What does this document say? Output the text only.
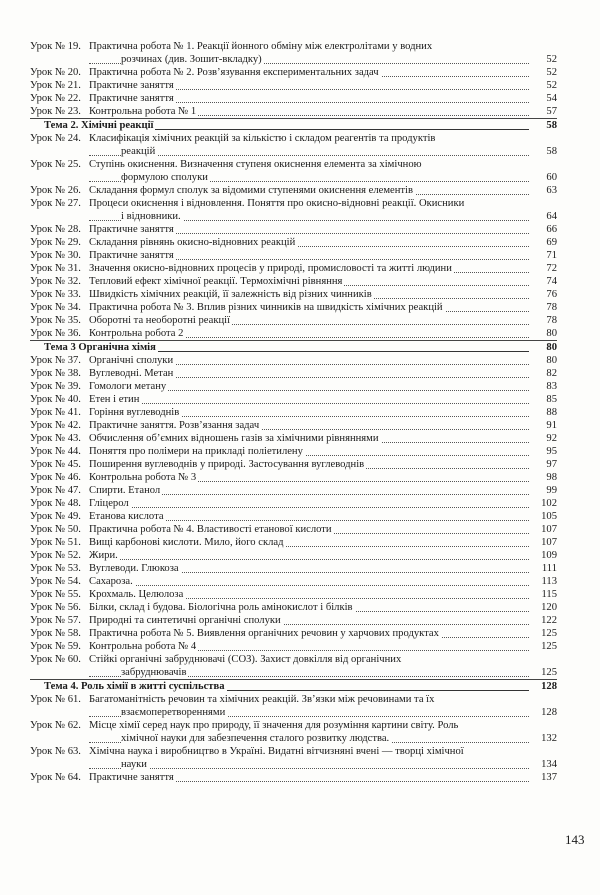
Урок № 19. Практична робота № 1. Реакції йонного обміну між електролітами у водних
розчинах (див. Зошит-вкладку)	52
Урок № 20. Практична робота № 2. Розв’язування експериментальних задач	52
Урок № 21. Практичне заняття	52
Урок № 22. Практичне заняття	54
Урок № 23. Контрольна робота № 1	57
Тема 2. Хімічні реакції	58
Урок № 24. Класифікація хімічних реакцій за кількістю і складом реагентів та продуктів
реакцій	58
Урок № 25. Ступінь окиснення. Визначення ступеня окиснення елемента за хімічною
формулою сполуки	60
Урок № 26. Складання формул сполук за відомими ступенями окиснення елементів	63
Урок № 27. Процеси окиснення і відновлення. Поняття про окисно-відновні реакції. Окисники
і відновники.	64
Урок № 28. Практичне заняття	66
Урок № 29. Складання рівнянь окисно-відновних реакцій	69
Урок № 30. Практичне заняття	71
Урок № 31. Значення окисно-відновних процесів у природі, промисловості та житті людини	72
Урок № 32. Тепловий ефект хімічної реакції. Термохімічні рівняння	74
Урок № 33. Швидкість хімічних реакцій, її залежність від різних чинників	76
Урок № 34. Практична робота № 3. Вплив різних чинників на швидкість хімічних реакцій	78
Урок № 35. Оборотні та необоротні реакції	78
Урок № 36. Контрольна робота 2	80
Тема 3 Органічна хімія	80
Урок № 37. Органічні сполуки	80
Урок № 38. Вуглеводні. Метан	82
Урок № 39. Гомологи метану	83
Урок № 40. Етен і етин	85
Урок № 41. Горіння вуглеводнів	88
Урок № 42. Практичне заняття. Розв’язання задач	91
Урок № 43. Обчислення об’ємних відношень газів за хімічними рівняннями	92
Урок № 44. Поняття про полімери на прикладі поліетилену	95
Урок № 45. Поширення вуглеводнів у природі. Застосування вуглеводнів	97
Урок № 46. Контрольна робота № 3	98
Урок № 47. Спирти. Етанол	99
Урок № 48. Гліцерол	102
Урок № 49. Етанова кислота	105
Урок № 50. Практична робота № 4. Властивості етанової кислоти	107
Урок № 51. Вищі карбонові кислоти. Мило, його склад	107
Урок № 52. Жири.	109
Урок № 53. Вуглеводи. Глюкоза	111
Урок № 54. Сахароза.	113
Урок № 55. Крохмаль. Целюлоза	115
Урок № 56. Білки, склад і будова. Біологічна роль амінокислот і білків	120
Урок № 57. Природні та синтетичні органічні сполуки	122
Урок № 58. Практична робота № 5. Виявлення органічних речовин у харчових продуктах	125
Урок № 59. Контрольна робота № 4	125
Урок № 60. Стійкі органічні забруднювачі (СОЗ). Захист довкілля від органічних
забруднювачів	125
Тема 4. Роль хімії в житті суспільства	128
Урок № 61. Багатоманітність речовин та хімічних реакцій. Зв’язки між речовинами та їх
взаємоперетвореннями	128
Урок № 62. Місце хімії серед наук про природу, її значення для розуміння картини світу. Роль
хімічної науки для забезпечення сталого розвитку людства.	132
Урок № 63. Хімічна наука і виробництво в Україні. Видатні вітчизняні вчені — творці хімічної
науки	134
Урок № 64. Практичне заняття	137
143
